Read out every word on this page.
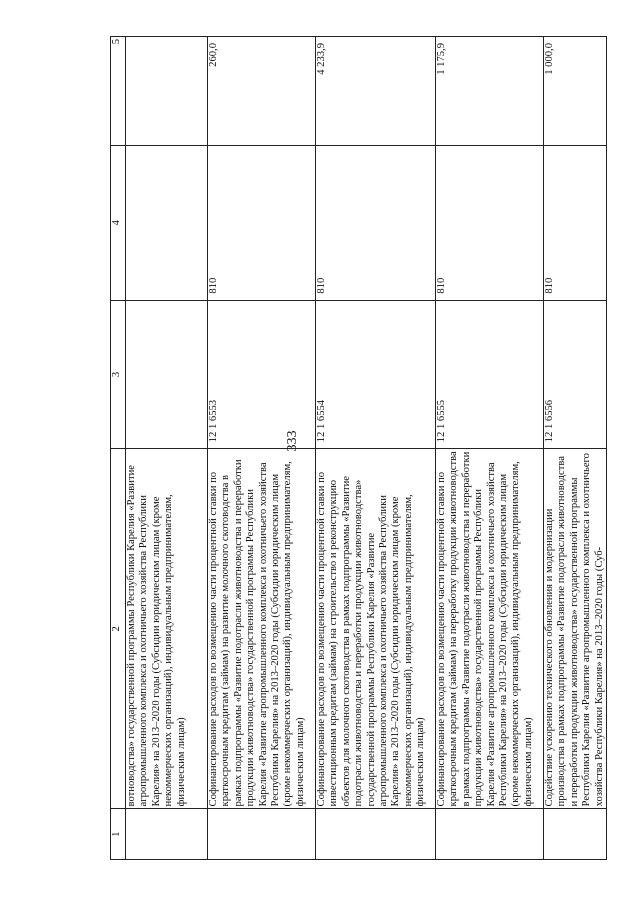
333
1	2	3	4	5
	вотноводства» государственной программы Республики Карелия «Развитие агропромышленного комплекса и охотничьего хозяйства Республики Карелия» на 2013–2020 годы (Субсидии юридическим лицам (кроме некоммерческих организаций), индивидуальным предпринимателям, физическим лицам)			
	Софинансирование расходов по возмещению части процентной ставки по краткосрочным кредитам (займам) на развитие молочного скотоводства в рамках подпрограммы «Развитие подотрасли животноводства и переработки продукции животноводства» государственной программы Республики Карелия «Развитие агропромышленного комплекса и охотничьего хозяйства Республики Карелия» на 2013–2020 годы (Субсидии юридическим лицам (кроме некоммерческих организаций), индивидуальным предпринимателям, физическим лицам)	12 1 6553	810	260,0
	Софинансирование расходов по возмещению части процентной ставки по инвестиционным кредитам (займам) на строительство и реконструкцию объектов для молочного скотоводства в рамках подпрограммы «Развитие подотрасли животноводства и переработки продукции животноводства» государственной программы Республики Карелия «Развитие агропромышленного комплекса и охотничьего хозяйства Республики Карелия» на 2013–2020 годы (Субсидии юридическим лицам (кроме некоммерческих организаций), индивидуальным предпринимателям, физическим лицам)	12 1 6554	810	4 233,9
	Софинансирование расходов по возмещению части процентной ставки по краткосрочным кредитам (займам) на переработку продукции животноводства в рамках подпрограммы «Развитие подотрасли животноводства и переработки продукции животноводства» государственной программы Республики Карелия «Развитие агропромышленного комплекса и охотничьего хозяйства Республики Карелия» на 2013–2020 годы (Субсидии юридическим лицам (кроме некоммерческих организаций), индивидуальным предпринимателям, физическим лицам)	12 1 6555	810	1 175,9
	Содействие ускорению технического обновления и модернизации производства в рамках подпрограммы «Развитие подотрасли животноводства и переработки продукции животноводства» государственной программы Республики Карелия «Развитие агропромышленного комплекса и охотничьего хозяйства Республики Карелия» на 2013–2020 годы (Суб-	12 1 6556	810	1 000,0
